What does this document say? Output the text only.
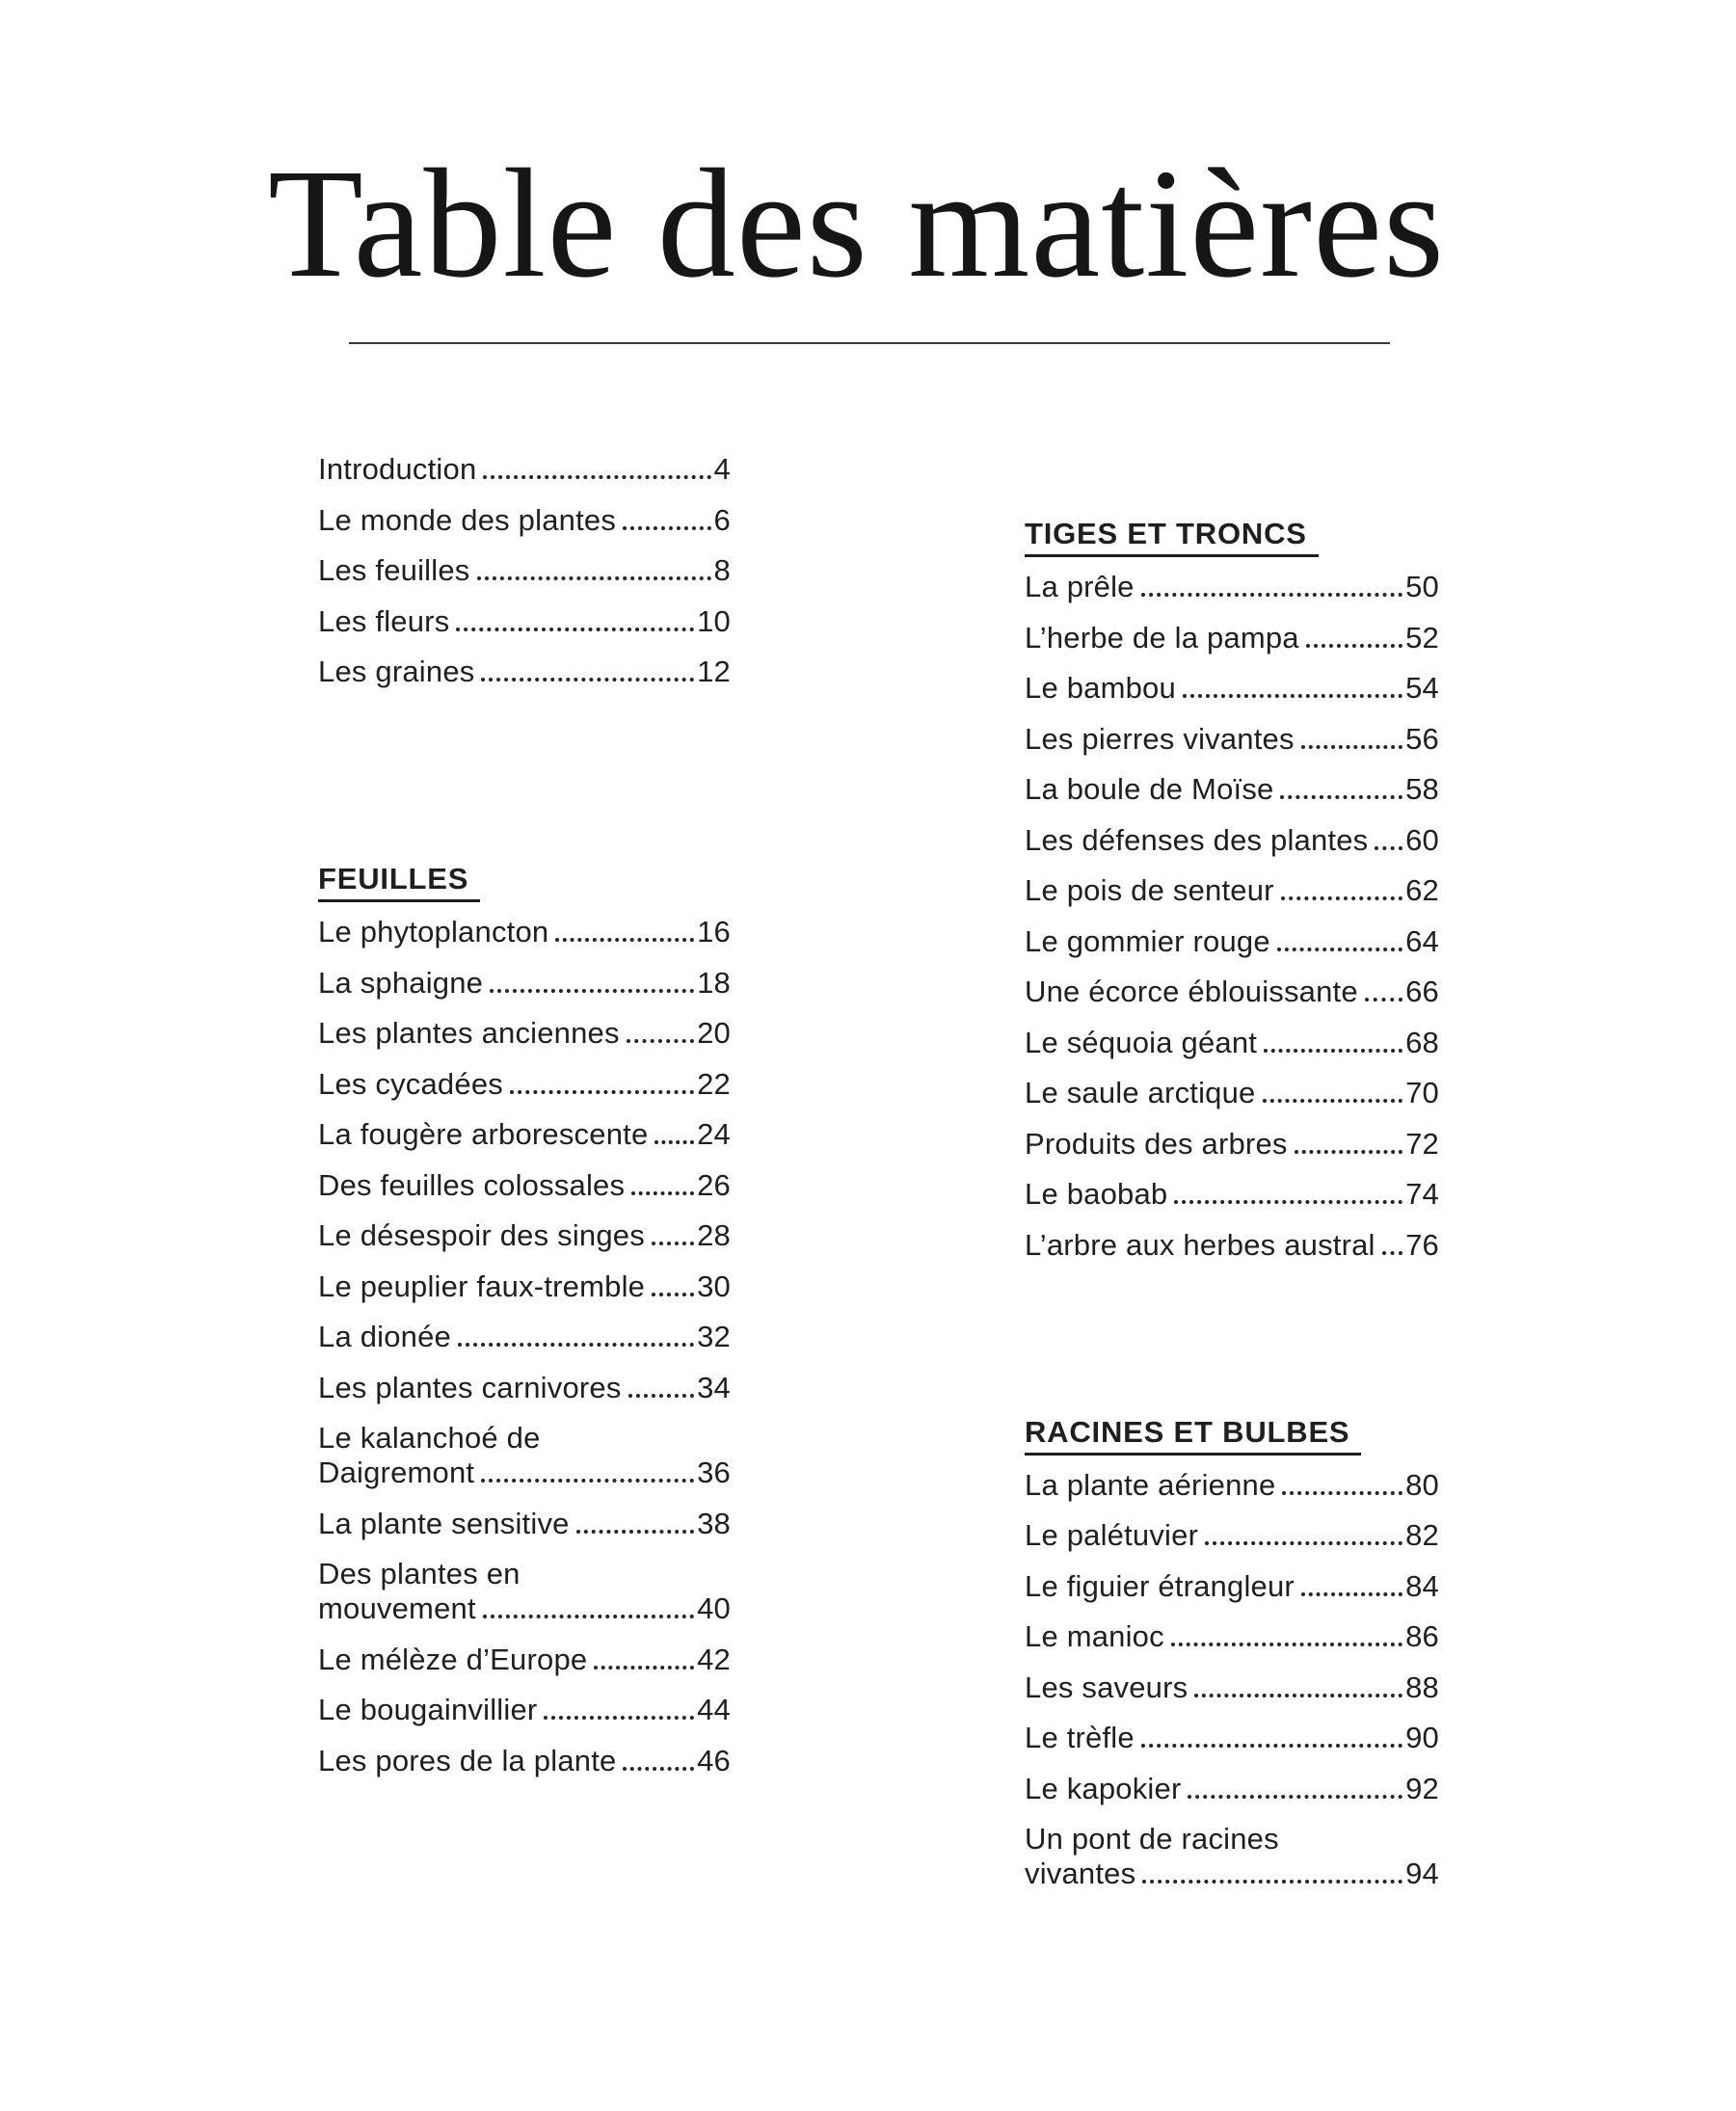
Table des matières
Introduction	4
Le monde des plantes	6
Les feuilles	8
Les fleurs	10
Les graines	12
FEUILLES
Le phytoplancton	16
La sphaigne	18
Les plantes anciennes	20
Les cycadées	22
La fougère arborescente 24
Des feuilles colossales 26
Le désespoir des singes 28
Le peuplier faux-tremble 30
La dionée	32
Les plantes carnivores	34
Le kalanchoé de
Daigremont	36
La plante sensitive	38
Des plantes en
mouvement	40
Le mélèze d’Europe	42
Le bougainvillier	44
Les pores de la plante	46
TIGES ET TRONCS
La prêle	50
L’herbe de la pampa	52
Le bambou	54
Les pierres vivantes	56
La boule de Moïse	58
Les défenses des plantes 60
Le pois de senteur	62
Le gommier rouge	64
Une écorce éblouissante 66
Le séquoia géant	68
Le saule arctique	70
Produits des arbres	72
Le baobab	74
L’arbre aux herbes austral 76
RACINES ET BULBES
La plante aérienne	80
Le palétuvier	82
Le figuier étrangleur	84
Le manioc	86
Les saveurs	88
Le trèfle	90
Le kapokier	92
Un pont de racines
vivantes	94
